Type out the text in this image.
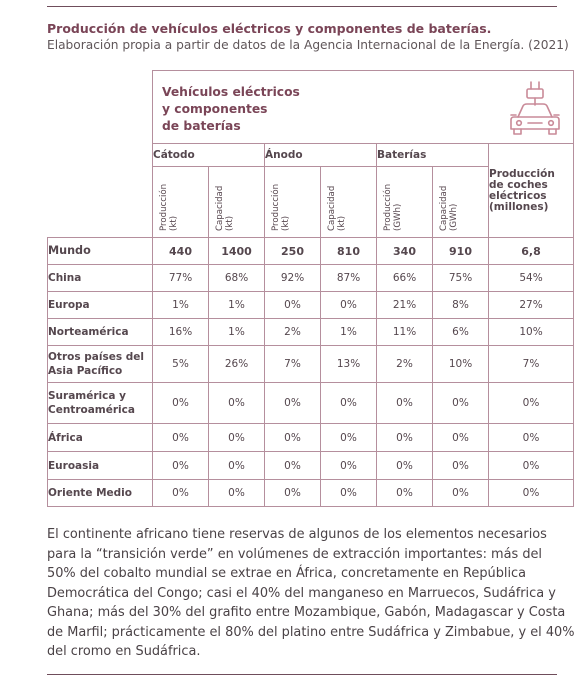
Producción de vehículos eléctricos y componentes de baterías.
Elaboración propia a partir de datos de la Agencia Internacional de la Energía. (2021)

	Vehículos eléctricos
y componentes
de baterías						

	Cátodo		Ánodo		Baterías		Producción
de coches
eléctricos
(millones)

	Producción (kt)	Capacidad (kt)	Producción (kt)	Capacidad (kt)	Producción (GWh)	Capacidad (GWh)	

Mundo	440	1400	250	810	340	910	6,8

China	77%	68%	92%	87%	66%	75%	54%

Europa	1%	1%	0%	0%	21%	8%	27%

Norteamérica	16%	1%	2%	1%	11%	6%	10%

Otros países del
Asia Pacífico	5%	26%	7%	13%	2%	10%	7%

Suramérica y
Centroamérica	0%	0%	0%	0%	0%	0%	0%

África	0%	0%	0%	0%	0%	0%	0%

Euroasia	0%	0%	0%	0%	0%	0%	0%

Oriente Medio	0%	0%	0%	0%	0%	0%	0%
El continente africano tiene reservas de algunos de los elementos necesarios
para la “transición verde” en volúmenes de extracción importantes: más del
50% del cobalto mundial se extrae en África, concretamente en República
Democrática del Congo; casi el 40% del manganeso en Marruecos, Sudáfrica y
Ghana; más del 30% del grafito entre Mozambique, Gabón, Madagascar y Costa
de Marfil; prácticamente el 80% del platino entre Sudáfrica y Zimbabue, y el 40%
del cromo en Sudáfrica.
